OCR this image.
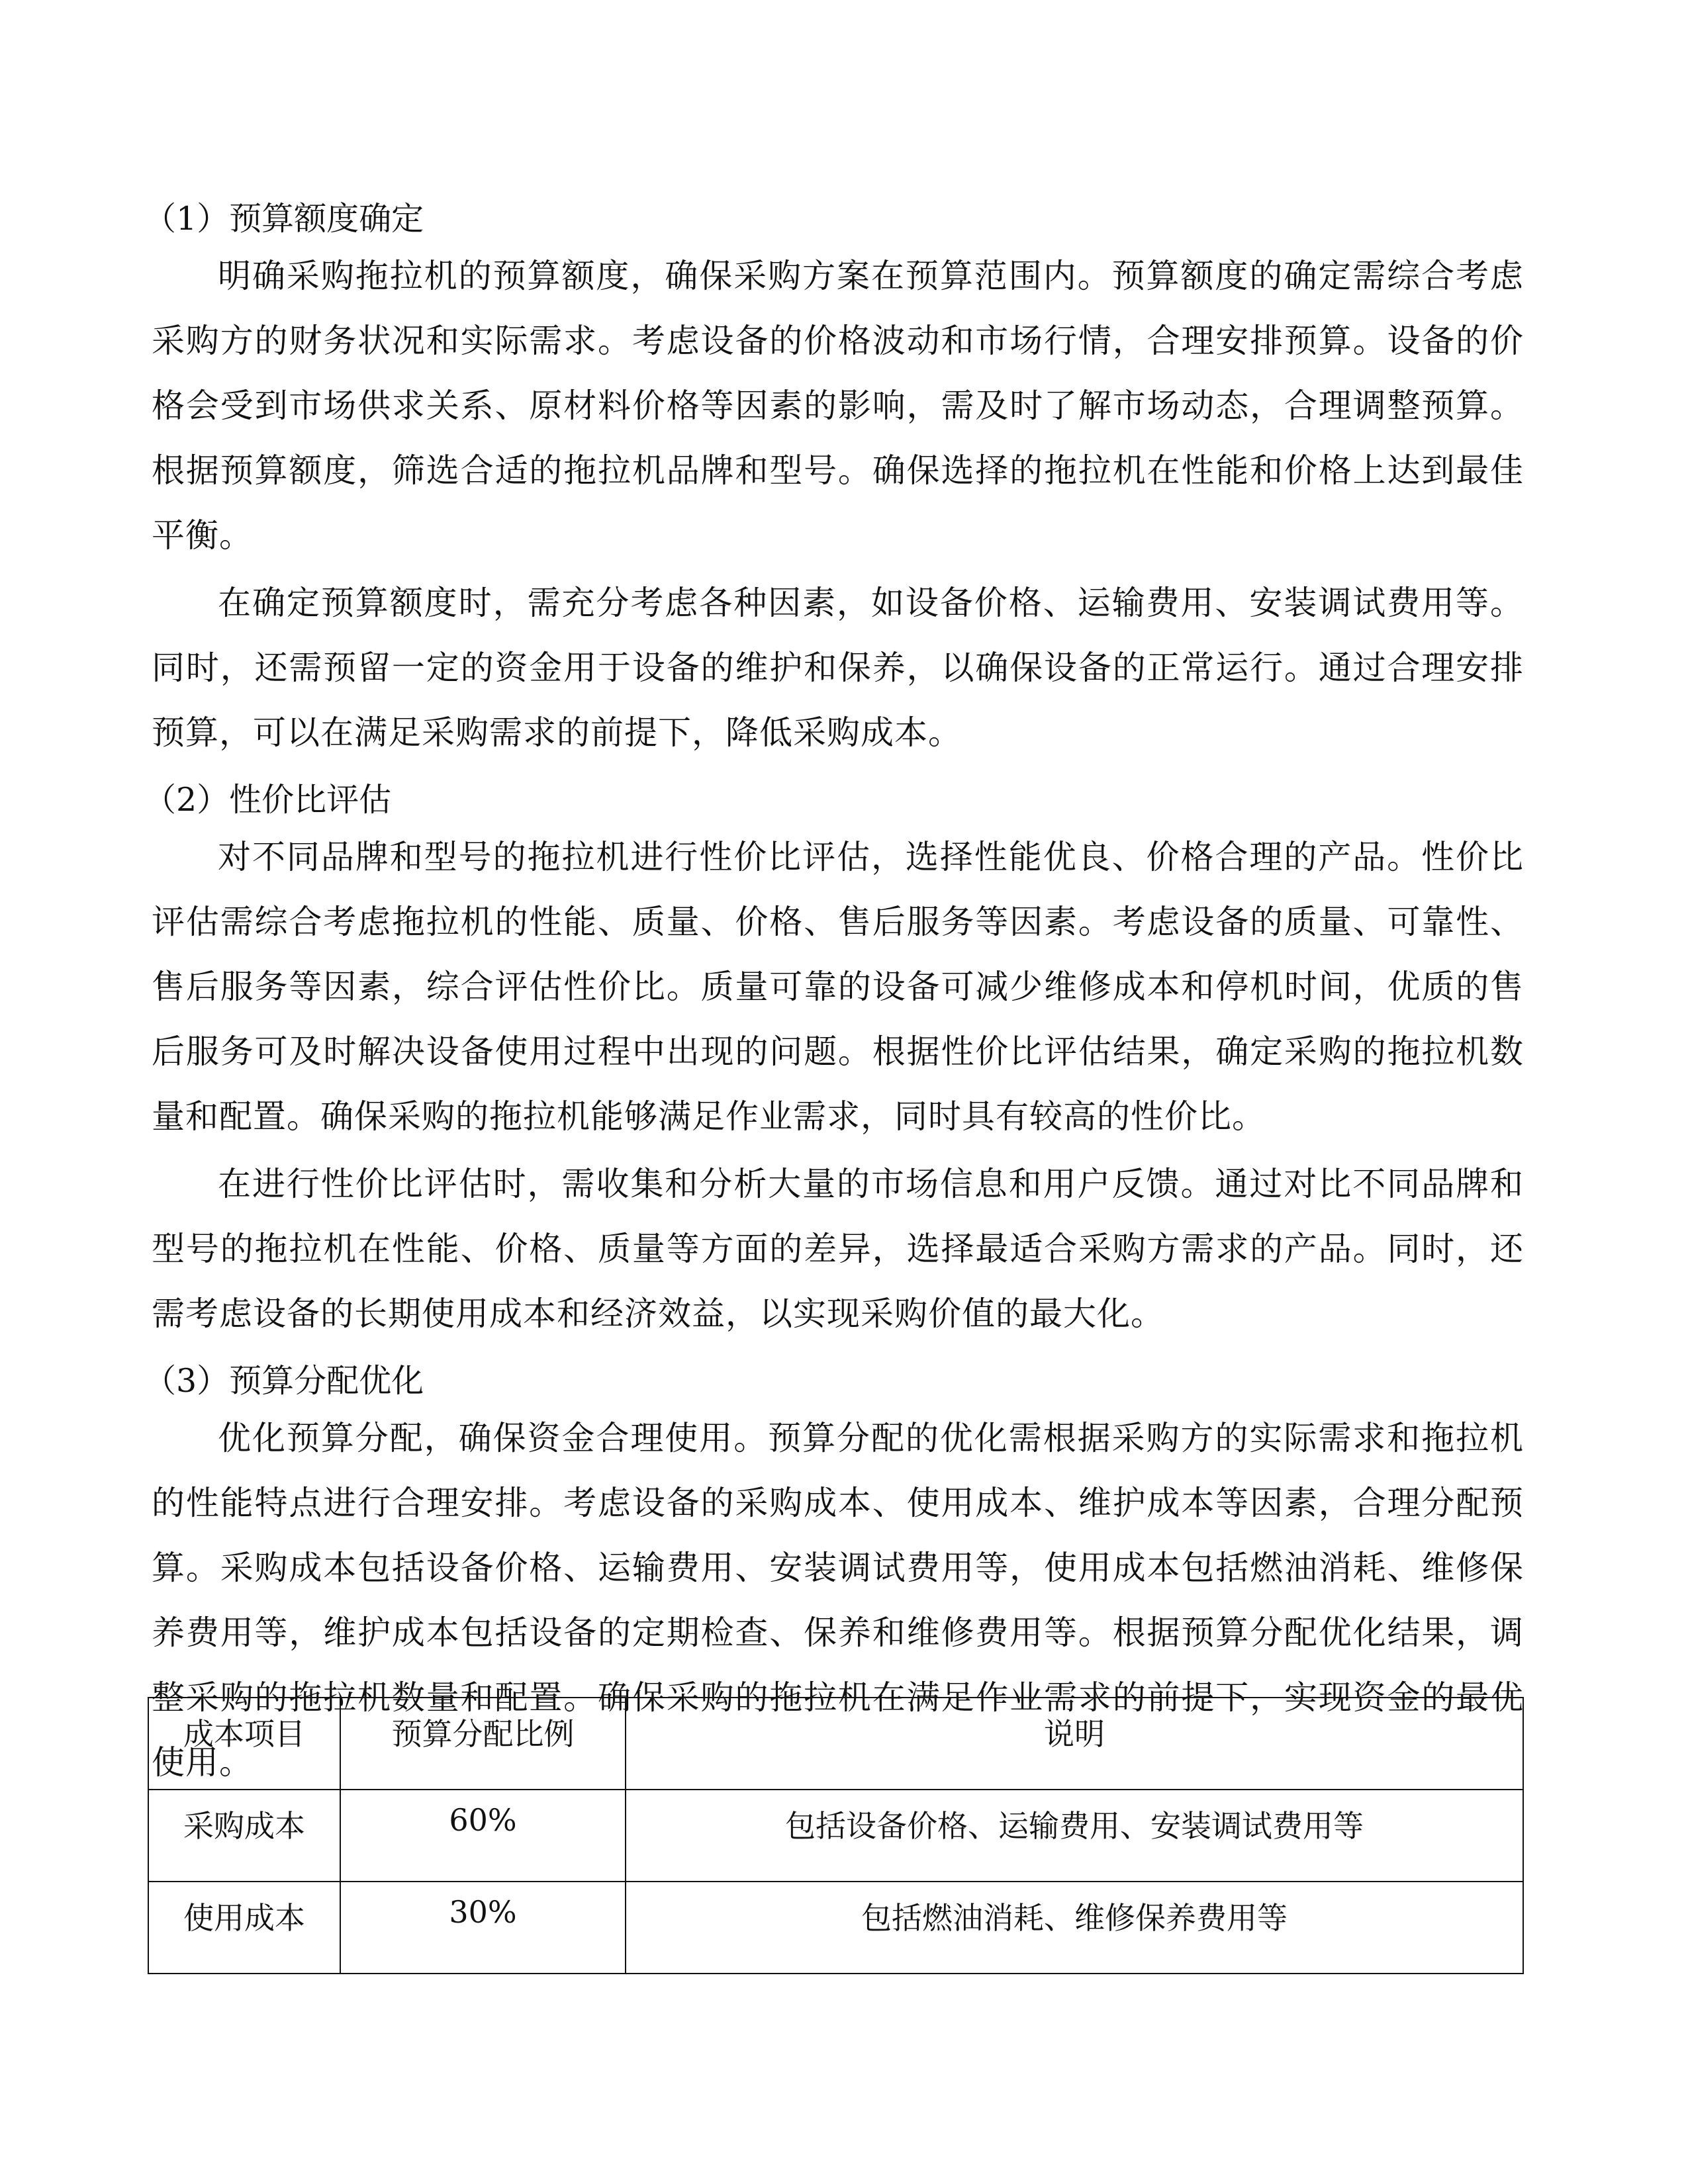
（1）预算额度确定

明确采购拖拉机的预算额度，确保采购方案在预算范围内。预算额度的确定需综合考虑采购方的财务状况和实际需求。考虑设备的价格波动和市场行情，合理安排预算。设备的价格会受到市场供求关系、原材料价格等因素的影响，需及时了解市场动态，合理调整预算。根据预算额度，筛选合适的拖拉机品牌和型号。确保选择的拖拉机在性能和价格上达到最佳平衡。

在确定预算额度时，需充分考虑各种因素，如设备价格、运输费用、安装调试费用等。同时，还需预留一定的资金用于设备的维护和保养，以确保设备的正常运行。通过合理安排预算，可以在满足采购需求的前提下，降低采购成本。

（2）性价比评估

对不同品牌和型号的拖拉机进行性价比评估，选择性能优良、价格合理的产品。性价比评估需综合考虑拖拉机的性能、质量、价格、售后服务等因素。考虑设备的质量、可靠性、售后服务等因素，综合评估性价比。质量可靠的设备可减少维修成本和停机时间，优质的售后服务可及时解决设备使用过程中出现的问题。根据性价比评估结果，确定采购的拖拉机数量和配置。确保采购的拖拉机能够满足作业需求，同时具有较高的性价比。

在进行性价比评估时，需收集和分析大量的市场信息和用户反馈。通过对比不同品牌和型号的拖拉机在性能、价格、质量等方面的差异，选择最适合采购方需求的产品。同时，还需考虑设备的长期使用成本和经济效益，以实现采购价值的最大化。

（3）预算分配优化

优化预算分配，确保资金合理使用。预算分配的优化需根据采购方的实际需求和拖拉机的性能特点进行合理安排。考虑设备的采购成本、使用成本、维护成本等因素，合理分配预算。采购成本包括设备价格、运输费用、安装调试费用等，使用成本包括燃油消耗、维修保养费用等，维护成本包括设备的定期检查、保养和维修费用等。根据预算分配优化结果，调整采购的拖拉机数量和配置。确保采购的拖拉机在满足作业需求的前提下，实现资金的最优使用。

成本项目	预算分配比例	说明
采购成本	60%	包括设备价格、运输费用、安装调试费用等
使用成本	30%	包括燃油消耗、维修保养费用等
